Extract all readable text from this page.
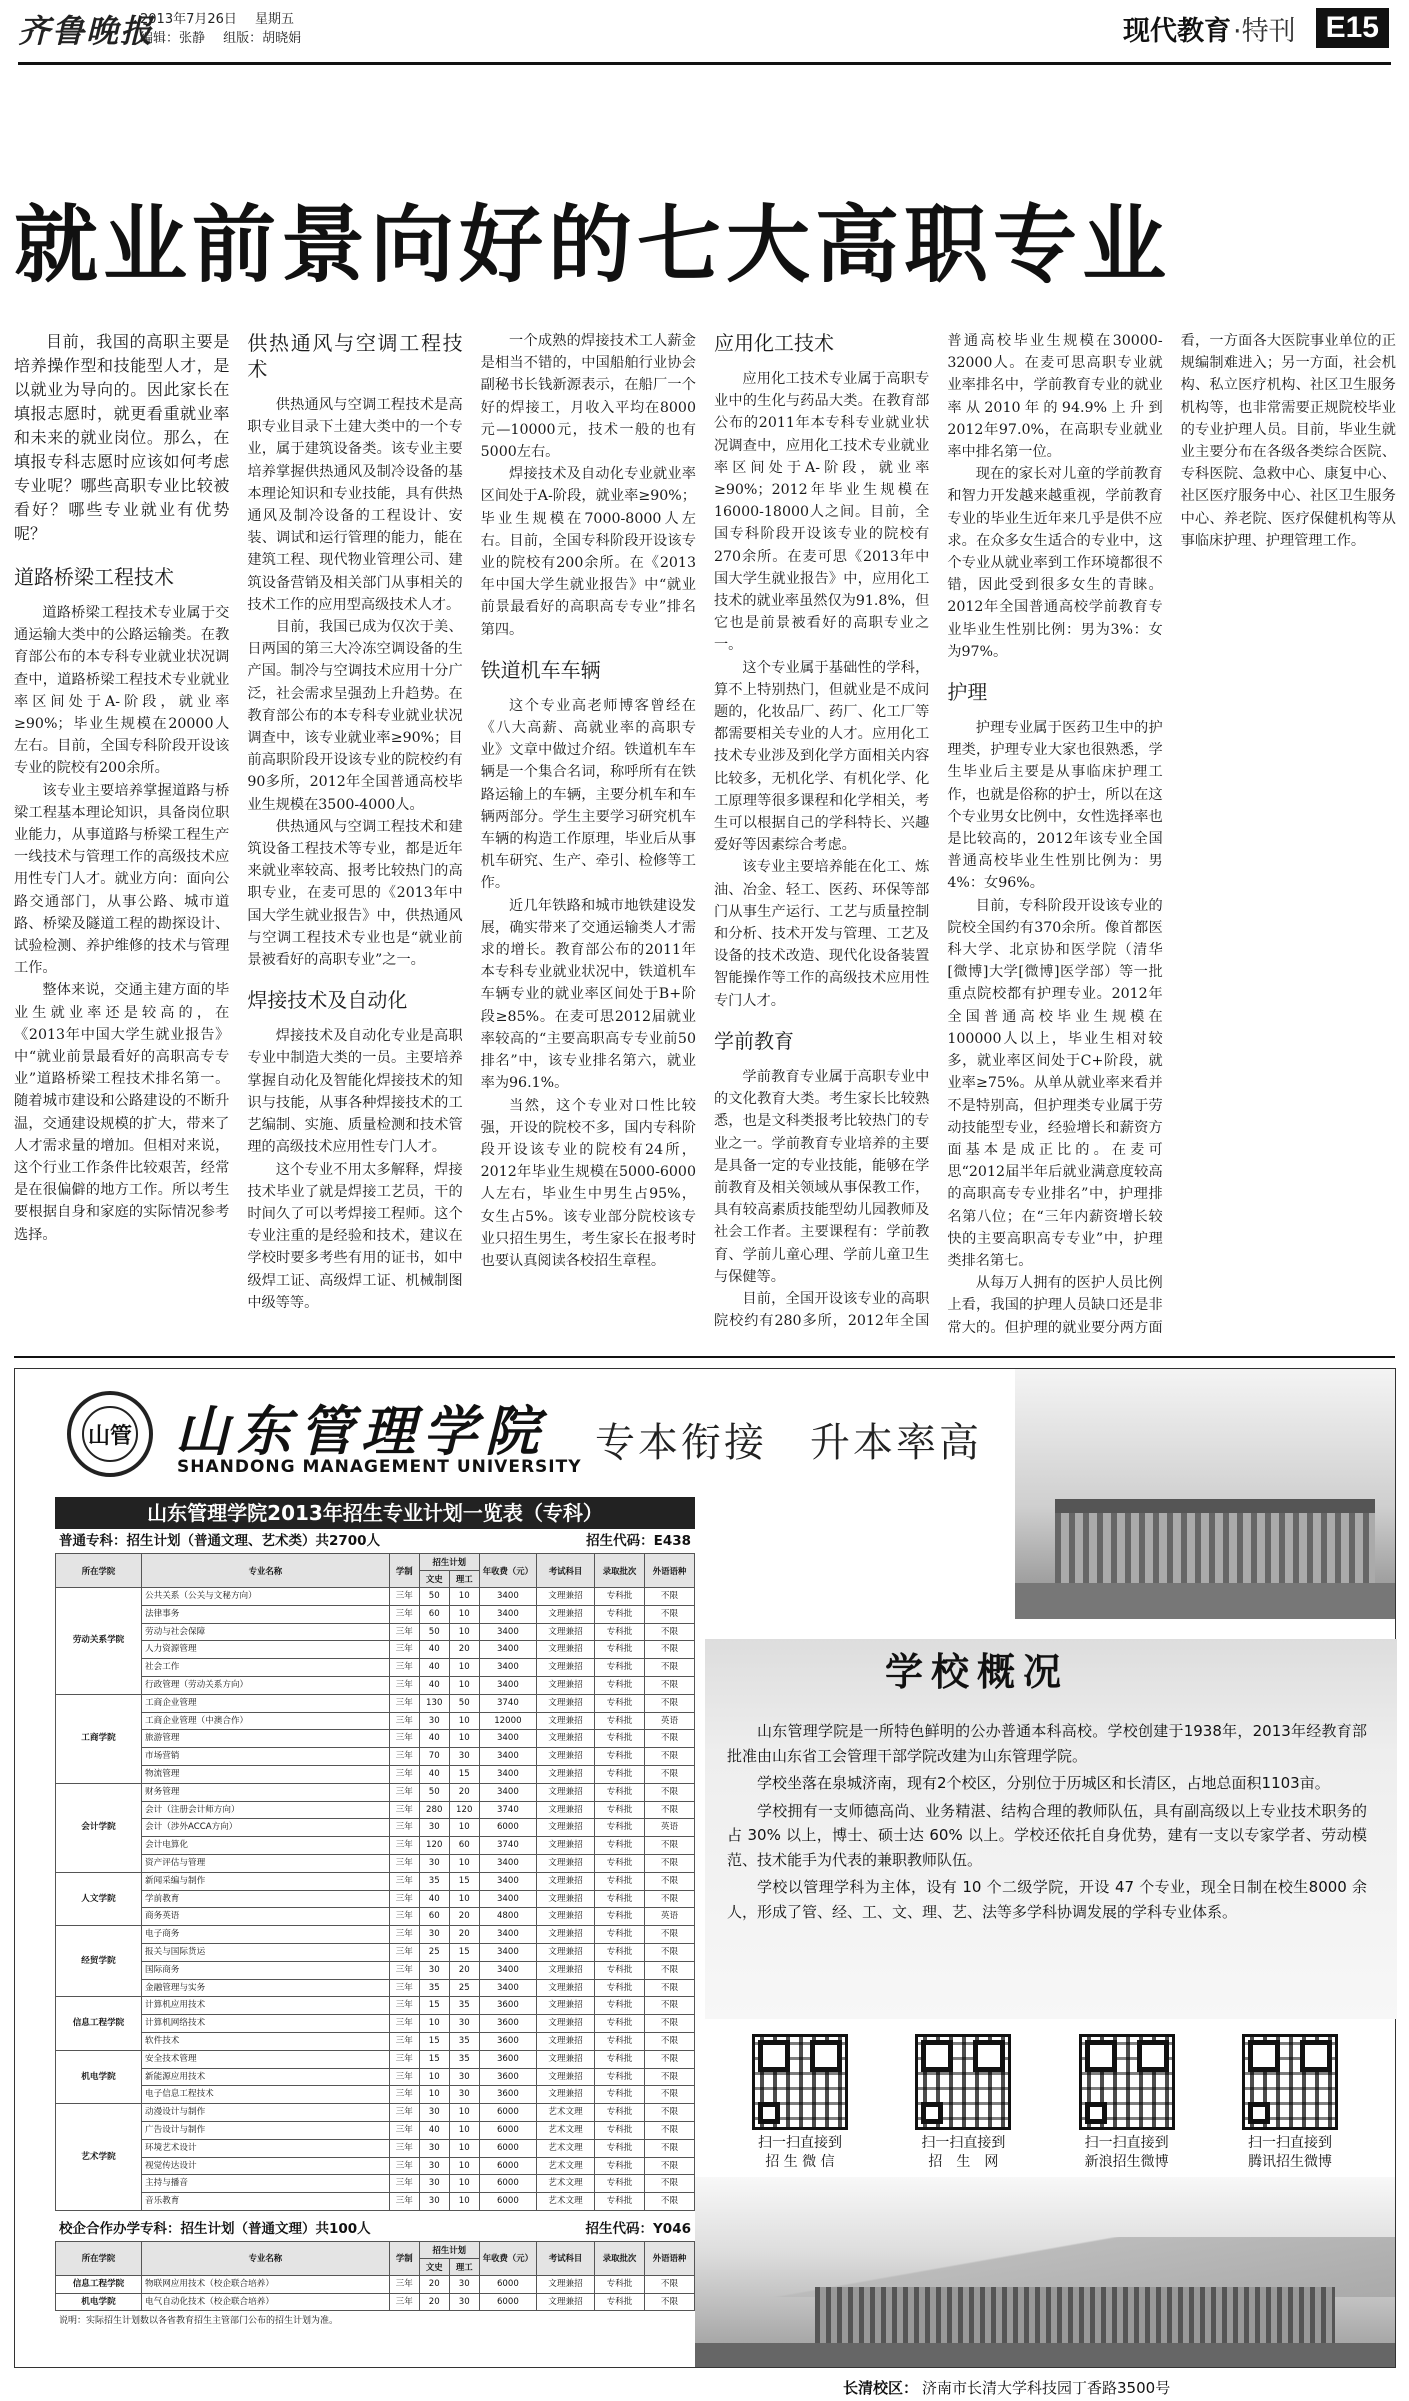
齐鲁晚报
2013年7月26日 星期五
编辑：张静 组版：胡晓娟	现代教育 ·特刊	E15
就业前景向好的七大高职专业

目前，我国的高职主要是培养操作型和技能型人才，是以就业为导向的。因此家长在填报志愿时，就更看重就业率和未来的就业岗位。那么，在填报专科志愿时应该如何考虑专业呢？哪些高职专业比较被看好？哪些专业就业有优势呢？

道路桥梁工程技术

道路桥梁工程技术专业属于交通运输大类中的公路运输类。在教育部公布的本专科专业就业状况调查中，道路桥梁工程技术专业就业率区间处于A-阶段，就业率≥90%；毕业生规模在20000人左右。目前，全国专科阶段开设该专业的院校有200余所。

该专业主要培养掌握道路与桥梁工程基本理论知识，具备岗位职业能力，从事道路与桥梁工程生产一线技术与管理工作的高级技术应用性专门人才。就业方向：面向公路交通部门，从事公路、城市道路、桥梁及隧道工程的勘探设计、试验检测、养护维修的技术与管理工作。

整体来说，交通主建方面的毕业生就业率还是较高的，在《2013年中国大学生就业报告》中“就业前景最看好的高职高专专业”道路桥梁工程技术排名第一。随着城市建设和公路建设的不断升温，交通建设规模的扩大，带来了人才需求量的增加。但相对来说，这个行业工作条件比较艰苦，经常是在很偏僻的地方工作。所以考生要根据自身和家庭的实际情况参考选择。

供热通风与空调工程技术

供热通风与空调工程技术是高职专业目录下土建大类中的一个专业，属于建筑设备类。该专业主要培养掌握供热通风及制冷设备的基本理论知识和专业技能，具有供热通风及制冷设备的工程设计、安装、调试和运行管理的能力，能在建筑工程、现代物业管理公司、建筑设备营销及相关部门从事相关的技术工作的应用型高级技术人才。

目前，我国已成为仅次于美、日两国的第三大冷冻空调设备的生产国。制冷与空调技术应用十分广泛，社会需求呈强劲上升趋势。在教育部公布的本专科专业就业状况调查中，该专业就业率≥90%；目前高职阶段开设该专业的院校约有90多所，2012年全国普通高校毕业生规模在3500-4000人。

供热通风与空调工程技术和建筑设备工程技术等专业，都是近年来就业率较高、报考比较热门的高职专业，在麦可思的《2013年中国大学生就业报告》中，供热通风与空调工程技术专业也是“就业前景被看好的高职专业”之一。

焊接技术及自动化

焊接技术及自动化专业是高职专业中制造大类的一员。主要培养掌握自动化及智能化焊接技术的知识与技能，从事各种焊接技术的工艺编制、实施、质量检测和技术管理的高级技术应用性专门人才。

这个专业不用太多解释，焊接技术毕业了就是焊接工艺员，干的时间久了可以考焊接工程师。这个专业注重的是经验和技术，建议在学校时要多考些有用的证书，如中级焊工证、高级焊工证、机械制图中级等等。

一个成熟的焊接技术工人薪金是相当不错的，中国船舶行业协会副秘书长钱新源表示，在船厂一个好的焊接工，月收入平均在8000元—10000元，技术一般的也有5000左右。

焊接技术及自动化专业就业率区间处于A-阶段，就业率≥90%；毕业生规模在7000-8000人左右。目前，全国专科阶段开设该专业的院校有200余所。在《2013年中国大学生就业报告》中“就业前景最看好的高职高专专业”排名第四。

铁道机车车辆

这个专业高老师博客曾经在《八大高薪、高就业率的高职专业》文章中做过介绍。铁道机车车辆是一个集合名词，称呼所有在铁路运输上的车辆，主要分机车和车辆两部分。学生主要学习研究机车车辆的构造工作原理，毕业后从事机车研究、生产、牵引、检修等工作。

近几年铁路和城市地铁建设发展，确实带来了交通运输类人才需求的增长。教育部公布的2011年本专科专业就业状况中，铁道机车车辆专业的就业率区间处于B+阶段≥85%。在麦可思2012届就业率较高的“主要高职高专专业前50排名”中，该专业排名第六，就业率为96.1%。

当然，这个专业对口性比较强，开设的院校不多，国内专科阶段开设该专业的院校有24所，2012年毕业生规模在5000-6000人左右，毕业生中男生占95%，女生占5%。该专业部分院校该专业只招生男生，考生家长在报考时也要认真阅读各校招生章程。

应用化工技术

应用化工技术专业属于高职专业中的生化与药品大类。在教育部公布的2011年本专科专业就业状况调查中，应用化工技术专业就业率区间处于A-阶段，就业率≥90%；2012年毕业生规模在16000-18000人之间。目前，全国专科阶段开设该专业的院校有270余所。在麦可思《2013年中国大学生就业报告》中，应用化工技术的就业率虽然仅为91.8%，但它也是前景被看好的高职专业之一。

这个专业属于基础性的学科，算不上特别热门，但就业是不成问题的，化妆品厂、药厂、化工厂等都需要相关专业的人才。应用化工技术专业涉及到化学方面相关内容比较多，无机化学、有机化学、化工原理等很多课程和化学相关，考生可以根据自己的学科特长、兴趣爱好等因素综合考虑。

该专业主要培养能在化工、炼油、冶金、轻工、医药、环保等部门从事生产运行、工艺与质量控制和分析、技术开发与管理、工艺及设备的技术改造、现代化设备装置智能操作等工作的高级技术应用性专门人才。

学前教育

学前教育专业属于高职专业中的文化教育大类。考生家长比较熟悉，也是文科类报考比较热门的专业之一。学前教育专业培养的主要是具备一定的专业技能，能够在学前教育及相关领域从事保教工作，具有较高素质技能型幼儿园教师及社会工作者。主要课程有：学前教育、学前儿童心理、学前儿童卫生与保健等。

目前，全国开设该专业的高职院校约有280多所，2012年全国普通高校毕业生规模在30000-32000人。在麦可思高职专业就业率排名中，学前教育专业的就业率从2010年的94.9%上升到2012年97.0%，在高职专业就业率中排名第一位。

现在的家长对儿童的学前教育和智力开发越来越重视，学前教育专业的毕业生近年来几乎是供不应求。在众多女生适合的专业中，这个专业从就业率到工作环境都很不错，因此受到很多女生的青睐。2012年全国普通高校学前教育专业毕业生性别比例：男为3%：女为97%。

护理

护理专业属于医药卫生中的护理类，护理专业大家也很熟悉，学生毕业后主要是从事临床护理工作，也就是俗称的护士，所以在这个专业男女比例中，女性选择率也是比较高的，2012年该专业全国普通高校毕业生性别比例为：男4%：女96%。

目前，专科阶段开设该专业的院校全国约有370余所。像首都医科大学、北京协和医学院（清华[微博]大学[微博]医学部）等一批重点院校都有护理专业。2012年全国普通高校毕业生规模在100000人以上，毕业生相对较多，就业率区间处于C+阶段，就业率≥75%。从单从就业率来看并不是特别高，但护理类专业属于劳动技能型专业，经验增长和薪资方面基本是成正比的。在麦可思“2012届半年后就业满意度较高的高职高专专业排名”中，护理排名第八位；在“三年内薪资增长较快的主要高职高专专业”中，护理类排名第七。

从每万人拥有的医护人员比例上看，我国的护理人员缺口还是非常大的。但护理的就业要分两方面看，一方面各大医院事业单位的正规编制难进入；另一方面，社会机构、私立医疗机构、社区卫生服务机构等，也非常需要正规院校毕业的专业护理人员。目前，毕业生就业主要分布在各级各类综合医院、专科医院、急救中心、康复中心、社区医疗服务中心、社区卫生服务中心、养老院、医疗保健机构等从事临床护理、护理管理工作。

山管 山东管理学院
SHANDONG MANAGEMENT UNIVERSITY
专本衔接　升本率高
山东管理学院2013年招生专业计划一览表（专科）
普通专科：招生计划（普通文理、艺术类）共2700人	招生代码：E438
所在学院	专业名称	学制	招生计划		年收费（元）	考试科目	录取批次	外语语种
			文史	理工				
劳动关系学院	公共关系（公关与文秘方向）	三年	50	10	3400	文理兼招	专科批	不限
	法律事务	三年	60	10	3400	文理兼招	专科批	不限
	劳动与社会保障	三年	50	10	3400	文理兼招	专科批	不限
	人力资源管理	三年	40	20	3400	文理兼招	专科批	不限
	社会工作	三年	40	10	3400	文理兼招	专科批	不限
	行政管理（劳动关系方向）	三年	40	10	3400	文理兼招	专科批	不限
工商学院	工商企业管理	三年	130	50	3740	文理兼招	专科批	不限
	工商企业管理（中澳合作）	三年	30	10	12000	文理兼招	专科批	英语
	旅游管理	三年	40	10	3400	文理兼招	专科批	不限
	市场营销	三年	70	30	3400	文理兼招	专科批	不限
	物流管理	三年	40	15	3400	文理兼招	专科批	不限
会计学院	财务管理	三年	50	20	3400	文理兼招	专科批	不限
	会计（注册会计师方向）	三年	280	120	3740	文理兼招	专科批	不限
	会计（涉外ACCA方向）	三年	30	10	6000	文理兼招	专科批	英语
	会计电算化	三年	120	60	3740	文理兼招	专科批	不限
	资产评估与管理	三年	30	10	3400	文理兼招	专科批	不限
人文学院	新闻采编与制作	三年	35	15	3400	文理兼招	专科批	不限
	学前教育	三年	40	10	3400	文理兼招	专科批	不限
	商务英语	三年	60	20	4800	文理兼招	专科批	英语
经贸学院	电子商务	三年	30	20	3400	文理兼招	专科批	不限
	报关与国际货运	三年	25	15	3400	文理兼招	专科批	不限
	国际商务	三年	30	20	3400	文理兼招	专科批	不限
	金融管理与实务	三年	35	25	3400	文理兼招	专科批	不限
信息工程学院	计算机应用技术	三年	15	35	3600	文理兼招	专科批	不限
	计算机网络技术	三年	10	30	3600	文理兼招	专科批	不限
	软件技术	三年	15	35	3600	文理兼招	专科批	不限
机电学院	安全技术管理	三年	15	35	3600	文理兼招	专科批	不限
	新能源应用技术	三年	10	30	3600	文理兼招	专科批	不限
	电子信息工程技术	三年	10	30	3600	文理兼招	专科批	不限
艺术学院	动漫设计与制作	三年	30	10	6000	艺术文理	专科批	不限
	广告设计与制作	三年	40	10	6000	艺术文理	专科批	不限
	环境艺术设计	三年	30	10	6000	艺术文理	专科批	不限
	视觉传达设计	三年	30	10	6000	艺术文理	专科批	不限
	主持与播音	三年	30	10	6000	艺术文理	专科批	不限
	音乐教育	三年	30	10	6000	艺术文理	专科批	不限
校企合作办学专科：招生计划（普通文理）共100人	招生代码：Y046
所在学院	专业名称	学制	招生计划		年收费（元）	考试科目	录取批次	外语语种
			文史	理工				
信息工程学院	物联网应用技术（校企联合培养）	三年	20	30	6000	文理兼招	专科批	不限
机电学院	电气自动化技术（校企联合培养）	三年	20	30	6000	文理兼招	专科批	不限
说明：实际招生计划数以各省教育招生主管部门公布的招生计划为准。
学校概况

山东管理学院是一所特色鲜明的公办普通本科高校。学校创建于1938年，2013年经教育部批准由山东省工会管理干部学院改建为山东管理学院。

学校坐落在泉城济南，现有2个校区，分别位于历城区和长清区，占地总面积1103亩。

学校拥有一支师德高尚、业务精湛、结构合理的教师队伍，具有副高级以上专业技术职务的占 30% 以上，博士、硕士达 60% 以上。学校还依托自身优势，建有一支以专家学者、劳动模范、技术能手为代表的兼职教师队伍。

学校以管理学科为主体，设有 10 个二级学院，开设 47 个专业，现全日制在校生8000 余人，形成了管、经、工、文、理、艺、法等多学科协调发展的学科专业体系。

扫一扫直接到
招 生 微 信
扫一扫直接到
招　生　网
扫一扫直接到
新浪招生微博
扫一扫直接到
腾讯招生微博
长清校区： 济南市长清大学科技园丁香路3500号
